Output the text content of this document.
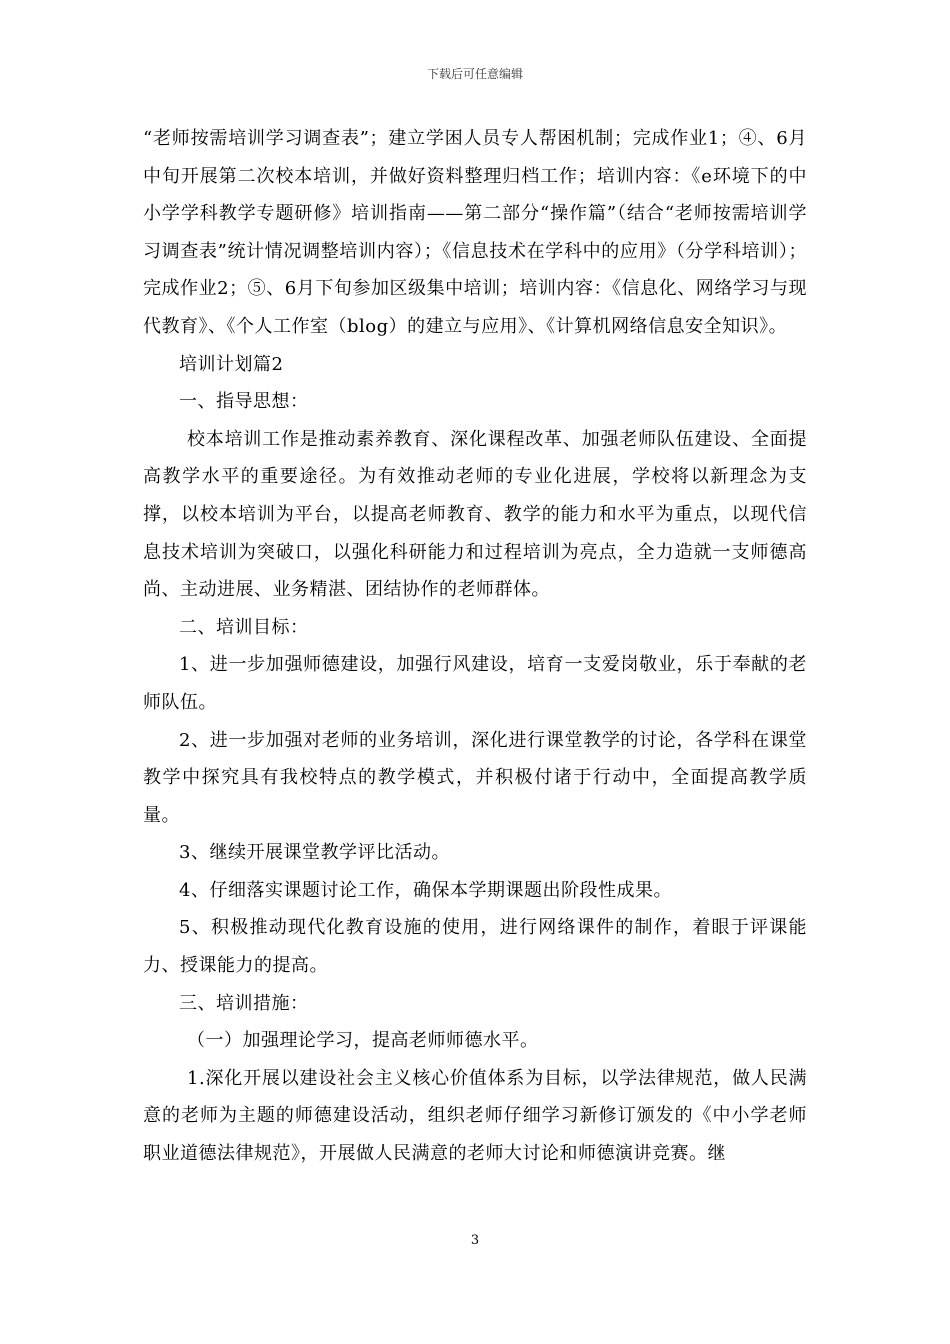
下载后可任意编辑

“老师按需培训学习调查表”；建立学困人员专人帮困机制；完成作业1；④、6月中旬开展第二次校本培训，并做好资料整理归档工作；培训内容：《e环境下的中小学学科教学专题研修》培训指南——第二部分“操作篇”（结合“老师按需培训学习调查表”统计情况调整培训内容）；《信息技术在学科中的应用》（分学科培训）；完成作业2；⑤、6月下旬参加区级集中培训；培训内容：《信息化、网络学习与现代教育》、《个人工作室（blog）的建立与应用》、《计算机网络信息安全知识》。

培训计划篇2

一、指导思想：

校本培训工作是推动素养教育、深化课程改革、加强老师队伍建设、全面提高教学水平的重要途径。为有效推动老师的专业化进展，学校将以新理念为支撑，以校本培训为平台，以提高老师教育、教学的能力和水平为重点，以现代信息技术培训为突破口，以强化科研能力和过程培训为亮点，全力造就一支师德高尚、主动进展、业务精湛、团结协作的老师群体。

二、培训目标：

1、进一步加强师德建设，加强行风建设，培育一支爱岗敬业，乐于奉献的老师队伍。

2、进一步加强对老师的业务培训，深化进行课堂教学的讨论，各学科在课堂教学中探究具有我校特点的教学模式，并积极付诸于行动中，全面提高教学质量。

3、继续开展课堂教学评比活动。

4、仔细落实课题讨论工作，确保本学期课题出阶段性成果。

5、积极推动现代化教育设施的使用，进行网络课件的制作，着眼于评课能力、授课能力的提高。

三、培训措施：

（一）加强理论学习，提高老师师德水平。

1.深化开展以建设社会主义核心价值体系为目标，以学法律规范，做人民满意的老师为主题的师德建设活动，组织老师仔细学习新修订颁发的《中小学老师职业道德法律规范》，开展做人民满意的老师大讨论和师德演讲竞赛。继

3
